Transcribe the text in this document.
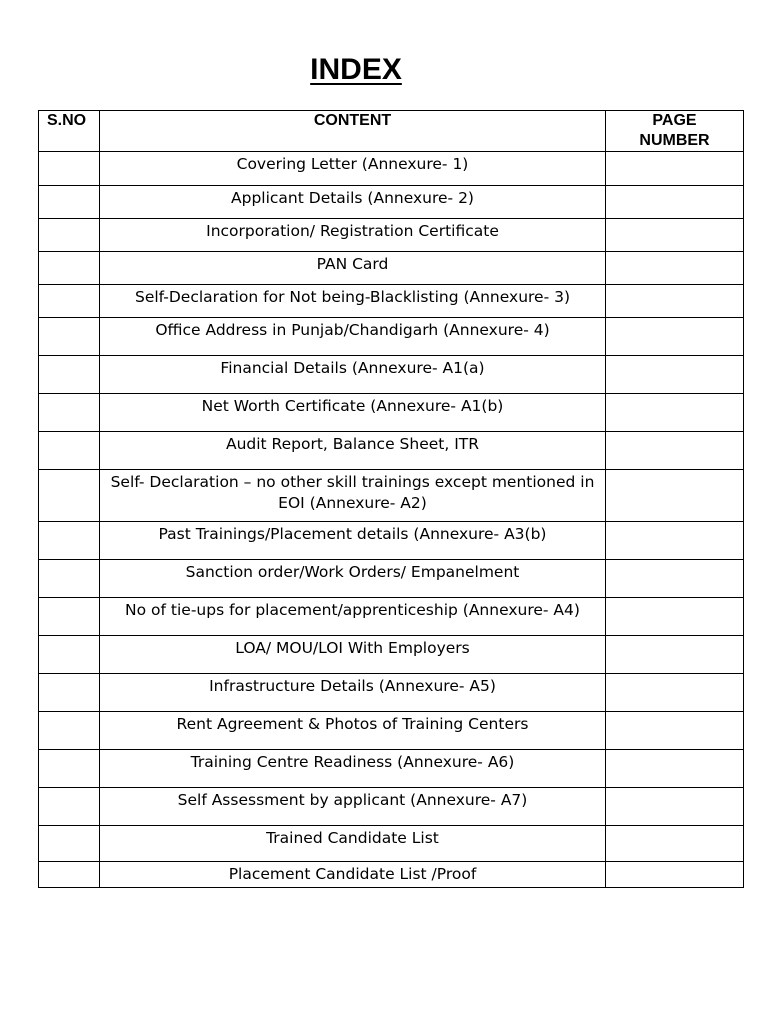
INDEX
S.NO	CONTENT	PAGE NUMBER
	Covering Letter (Annexure- 1)	
	Applicant Details (Annexure- 2)	
	Incorporation/ Registration Certificate	
	PAN Card	
	Self-Declaration for Not being-Blacklisting (Annexure- 3)	
	Office Address in Punjab/Chandigarh (Annexure- 4)	
	Financial Details (Annexure- A1(a)	
	Net Worth Certificate (Annexure- A1(b)	
	Audit Report, Balance Sheet, ITR	
	Self- Declaration – no other skill trainings except mentioned in EOI (Annexure- A2)	
	Past Trainings/Placement details (Annexure- A3(b)	
	Sanction order/Work Orders/ Empanelment	
	No of tie-ups for placement/apprenticeship (Annexure- A4)	
	LOA/ MOU/LOI With Employers	
	Infrastructure Details (Annexure- A5)	
	Rent Agreement & Photos of Training Centers	
	Training Centre Readiness (Annexure- A6)	
	Self Assessment by applicant (Annexure- A7)	
	Trained Candidate List	
	Placement Candidate List /Proof	
